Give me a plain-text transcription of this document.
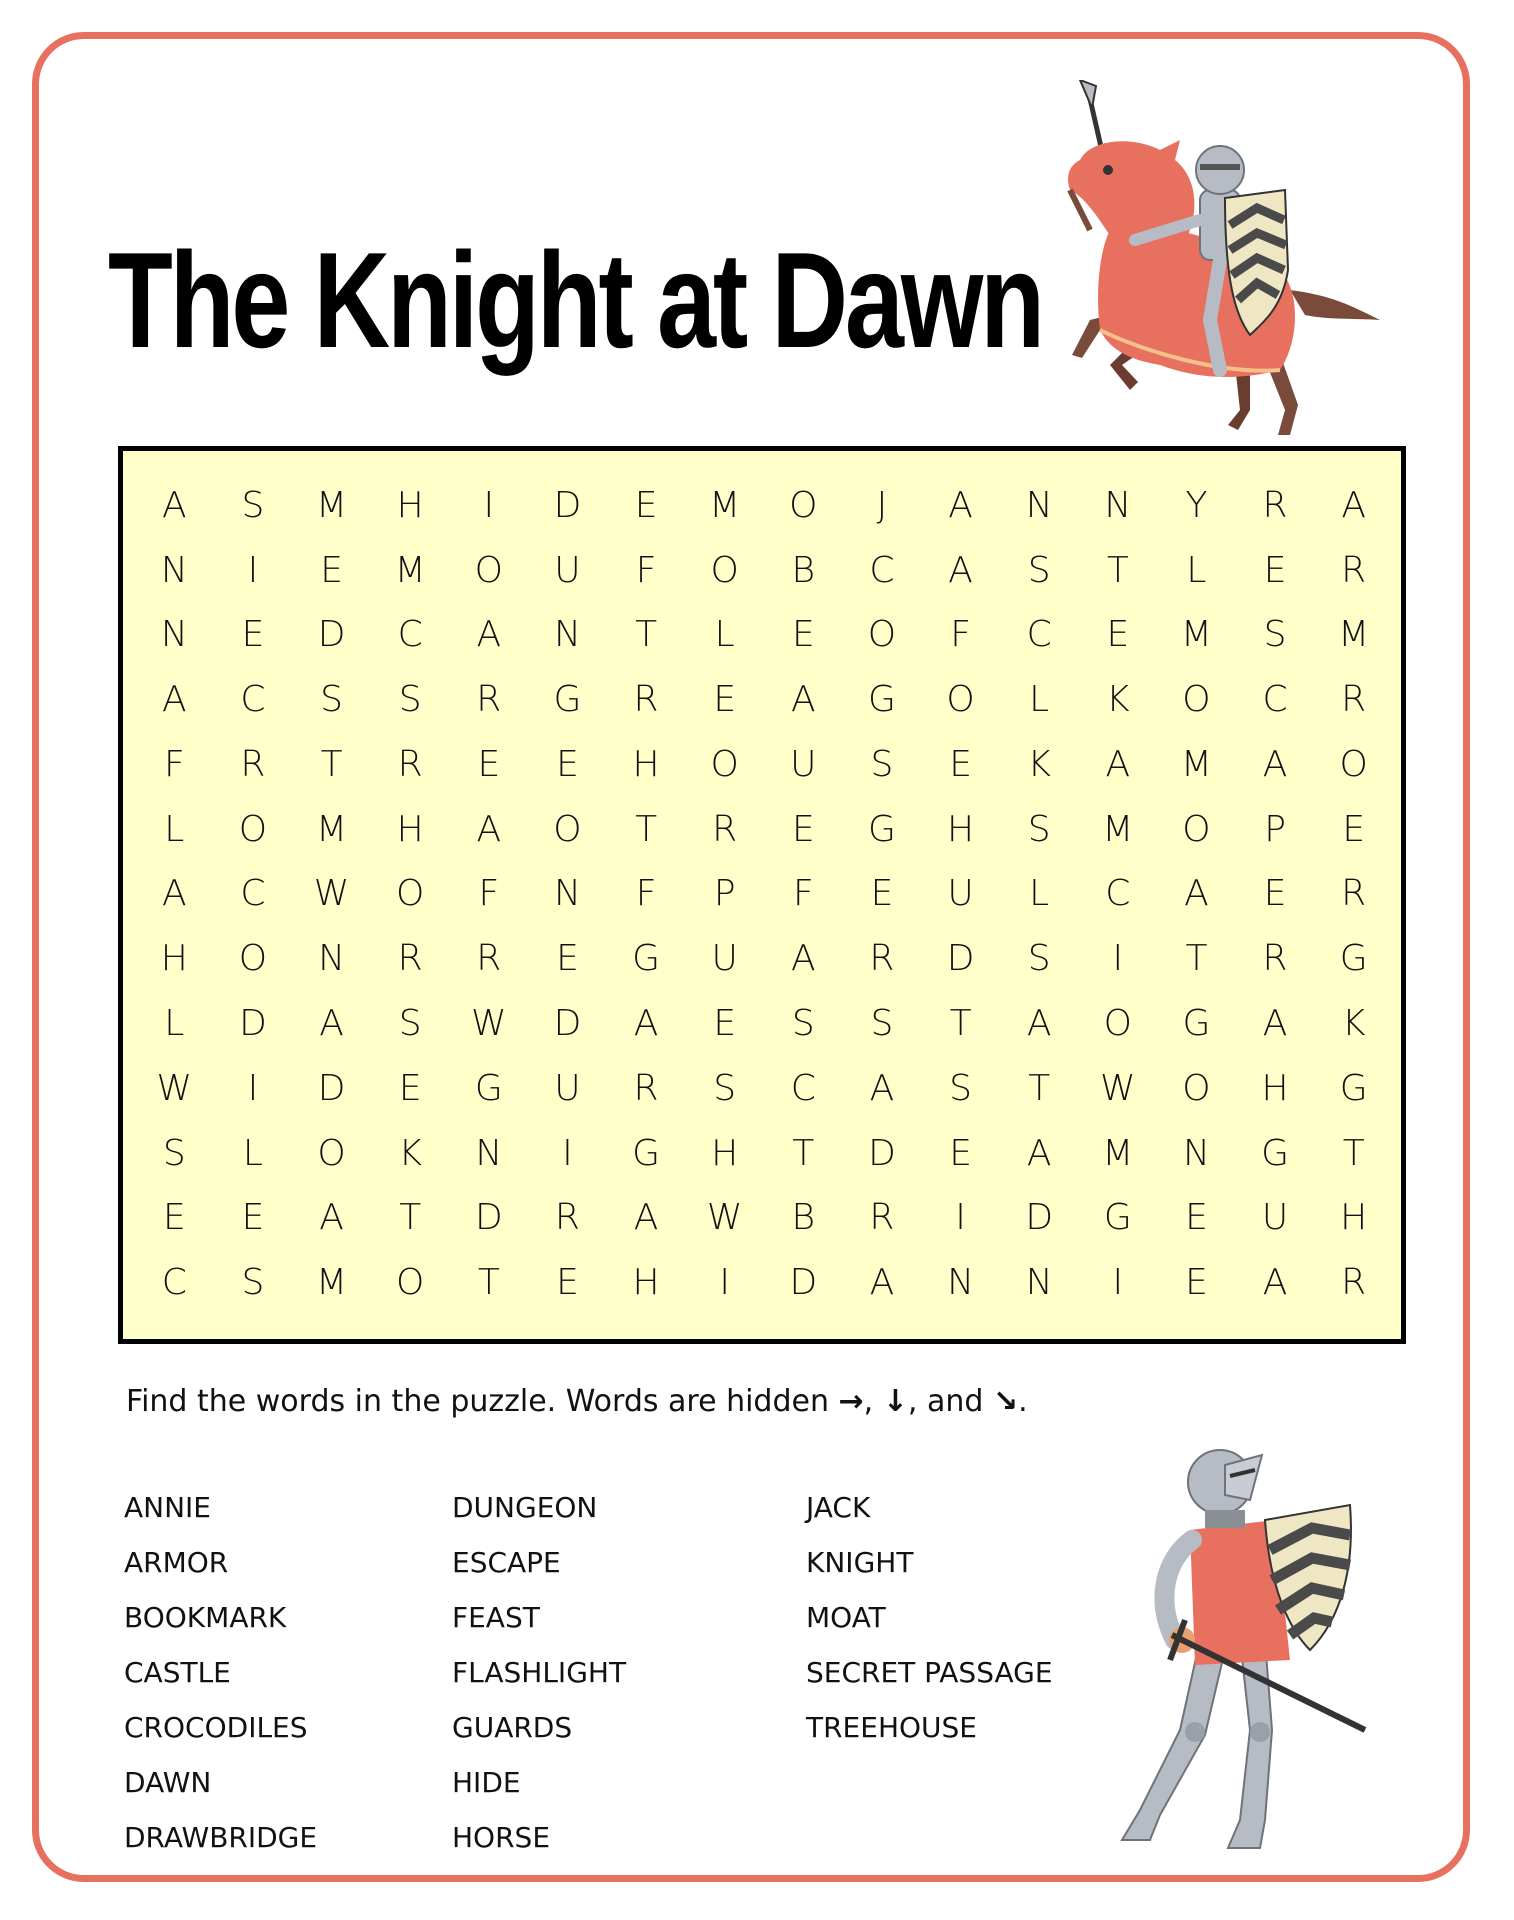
The Knight at Dawn
A	S	M	H	I	D	E	M	O	J	A	N	N	Y	R	A
N	I	E	M	O	U	F	O	B	C	A	S	T	L	E	R
N	E	D	C	A	N	T	L	E	O	F	C	E	M	S	M
A	C	S	S	R	G	R	E	A	G	O	L	K	O	C	R
F	R	T	R	E	E	H	O	U	S	E	K	A	M	A	O
L	O	M	H	A	O	T	R	E	G	H	S	M	O	P	E
A	C	W	O	F	N	F	P	F	E	U	L	C	A	E	R
H	O	N	R	R	E	G	U	A	R	D	S	I	T	R	G
L	D	A	S	W	D	A	E	S	S	T	A	O	G	A	K
W	I	D	E	G	U	R	S	C	A	S	T	W	O	H	G
S	L	O	K	N	I	G	H	T	D	E	A	M	N	G	T
E	E	A	T	D	R	A	W	B	R	I	D	G	E	U	H
C	S	M	O	T	E	H	I	D	A	N	N	I	E	A	R
Find the words in the puzzle. Words are hidden →, ↓, and ↘.
ANNIE
ARMOR
BOOKMARK
CASTLE
CROCODILES
DAWN
DRAWBRIDGE
DUNGEON
ESCAPE
FEAST
FLASHLIGHT
GUARDS
HIDE
HORSE
JACK
KNIGHT
MOAT
SECRET PASSAGE
TREEHOUSE
